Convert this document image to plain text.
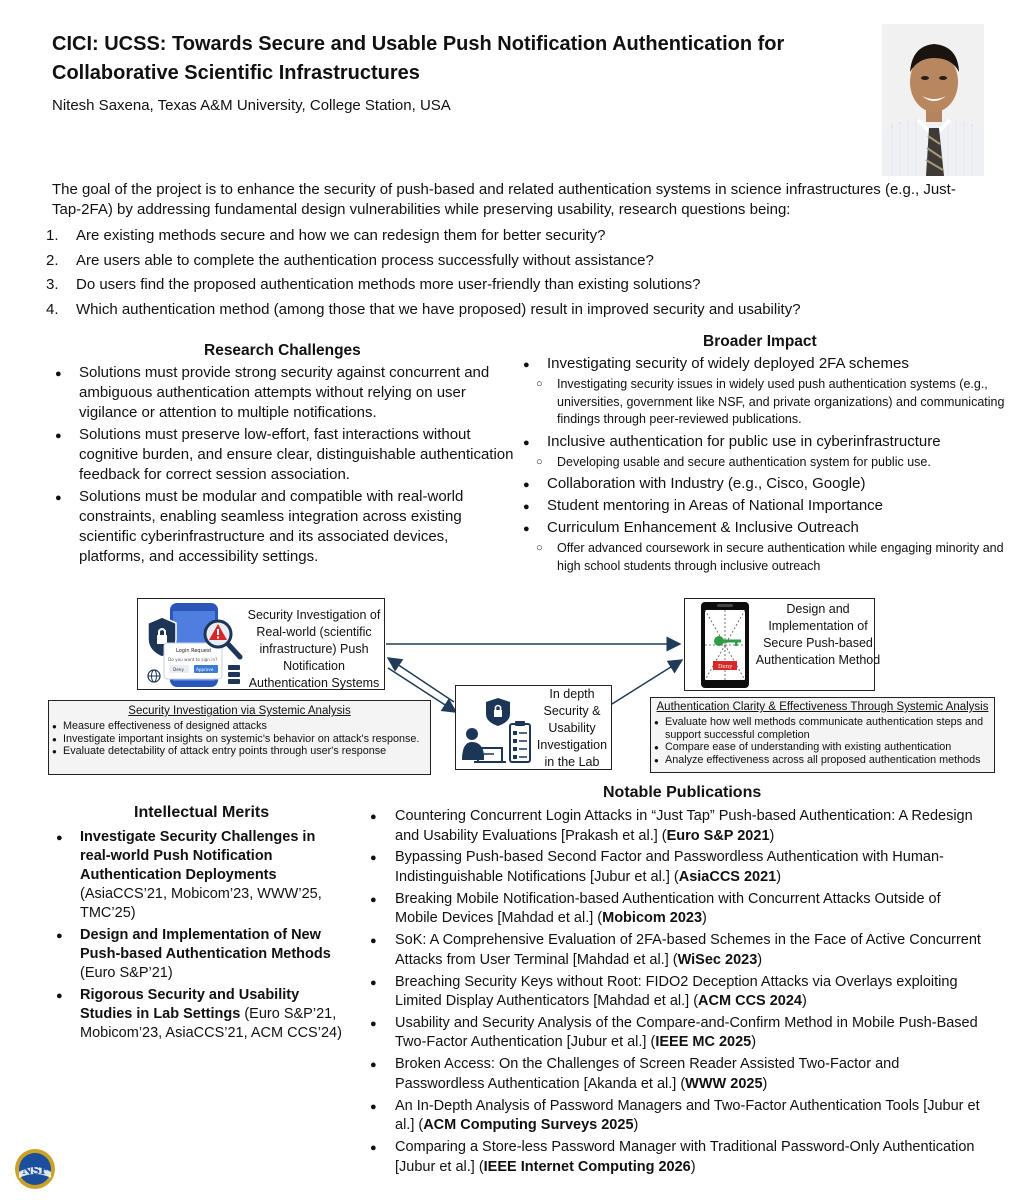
CICI: UCSS: Towards Secure and Usable Push Notification Authentication for Collaborative Scientific Infrastructures
Nitesh Saxena, Texas A&M University, College Station, USA
The goal of the project is to enhance the security of push-based and related authentication systems in science infrastructures (e.g., Just-Tap-2FA) by addressing fundamental design vulnerabilities while preserving usability, research questions being:
1.	Are existing methods secure and how we can redesign them for better security?
2.	Are users able to complete the authentication process successfully without assistance?
3.	Do users find the proposed authentication methods more user-friendly than existing solutions?
4.	Which authentication method (among those that we have proposed) result in improved security and usability?
Research Challenges
● Solutions must provide strong security against concurrent and ambiguous authentication attempts without relying on user vigilance or attention to multiple notifications.
● Solutions must preserve low-effort, fast interactions without cognitive burden, and ensure clear, distinguishable authentication feedback for correct session association.
● Solutions must be modular and compatible with real-world constraints, enabling seamless integration across existing scientific cyberinfrastructure and its associated devices, platforms, and accessibility settings.
Broader Impact
● Investigating security of widely deployed 2FA schemes
○ Investigating security issues in widely used push authentication systems (e.g., universities, government like NSF, and private organizations) and communicating findings through peer-reviewed publications.
● Inclusive authentication for public use in cyberinfrastructure
○ Developing usable and secure authentication system for public use.
● Collaboration with Industry (e.g., Cisco, Google)
● Student mentoring in Areas of National Importance
● Curriculum Enhancement & Inclusive Outreach
○ Offer advanced coursework in secure authentication while engaging minority and high school students through inclusive outreach
Login Request
Do you want to sign in?
Deny	Approve
Security Investigation of Real-world (scientific infrastructure) Push Notification Authentication Systems
Deny
Design and Implementation of Secure Push-based Authentication Method
In depth Security & Usability Investigation in the Lab
Security Investigation via Systemic Analysis
● Measure effectiveness of designed attacks
● Investigate important insights on systemic's behavior on attack's response.
● Evaluate detectability of attack entry points through user's response
Authentication Clarity & Effectiveness Through Systemic Analysis
● Evaluate how well methods communicate authentication steps and support successful completion
● Compare ease of understanding with existing authentication
● Analyze effectiveness across all proposed authentication methods
Intellectual Merits
● Investigate Security Challenges in real-world Push Notification Authentication Deployments (AsiaCCS’21, Mobicom’23, WWW’25, TMC’25)
● Design and Implementation of New Push-based Authentication Methods (Euro S&P’21)
● Rigorous Security and Usability Studies in Lab Settings (Euro S&P’21, Mobicom’23, AsiaCCS’21, ACM CCS’24)
Notable Publications
● Countering Concurrent Login Attacks in “Just Tap” Push-based Authentication: A Redesign and Usability Evaluations [Prakash et al.] (Euro S&P 2021)
● Bypassing Push-based Second Factor and Passwordless Authentication with Human-Indistinguishable Notifications [Jubur et al.] (AsiaCCS 2021)
● Breaking Mobile Notification-based Authentication with Concurrent Attacks Outside of Mobile Devices [Mahdad et al.] (Mobicom 2023)
● SoK: A Comprehensive Evaluation of 2FA-based Schemes in the Face of Active Concurrent Attacks from User Terminal [Mahdad et al.] (WiSec 2023)
● Breaching Security Keys without Root: FIDO2 Deception Attacks via Overlays exploiting Limited Display Authenticators [Mahdad et al.] (ACM CCS 2024)
● Usability and Security Analysis of the Compare-and-Confirm Method in Mobile Push-Based Two-Factor Authentication [Jubur et al.] (IEEE MC 2025)
● Broken Access: On the Challenges of Screen Reader Assisted Two-Factor and Passwordless Authentication [Akanda et al.] (WWW 2025)
● An In-Depth Analysis of Password Managers and Two-Factor Authentication Tools [Jubur et al.] (ACM Computing Surveys 2025)
● Comparing a Store-less Password Manager with Traditional Password-Only Authentication [Jubur et al.] (IEEE Internet Computing 2026)
NSF
